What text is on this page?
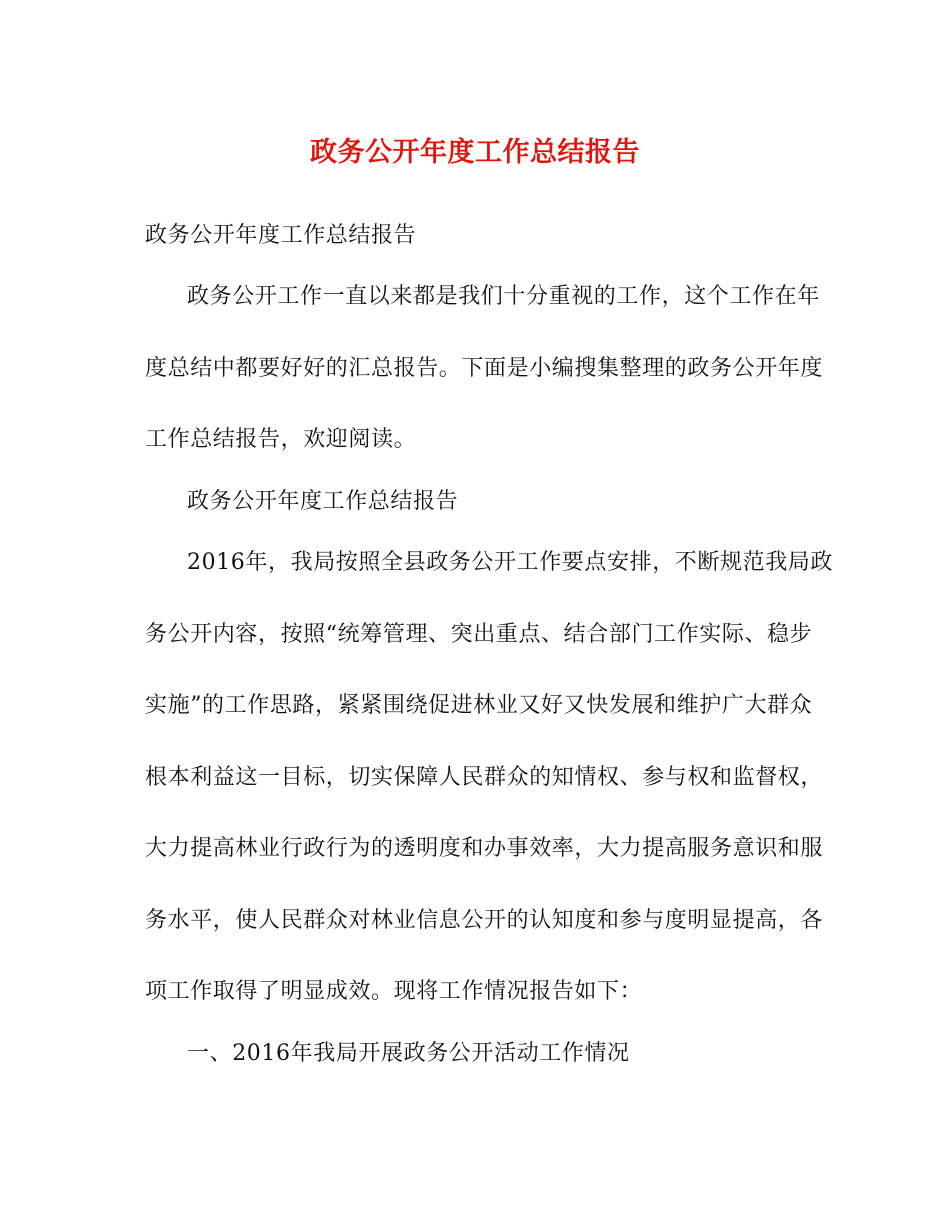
政务公开年度工作总结报告

政务公开年度工作总结报告

政务公开工作一直以来都是我们十分重视的工作，这个工作在年

度总结中都要好好的汇总报告。下面是小编搜集整理的政务公开年度

工作总结报告，欢迎阅读。

政务公开年度工作总结报告

2016年，我局按照全县政务公开工作要点安排，不断规范我局政

务公开内容，按照“统筹管理、突出重点、结合部门工作实际、稳步

实施”的工作思路，紧紧围绕促进林业又好又快发展和维护广大群众

根本利益这一目标，切实保障人民群众的知情权、参与权和监督权，

大力提高林业行政行为的透明度和办事效率，大力提高服务意识和服

务水平，使人民群众对林业信息公开的认知度和参与度明显提高，各

项工作取得了明显成效。现将工作情况报告如下：

一、2016年我局开展政务公开活动工作情况
